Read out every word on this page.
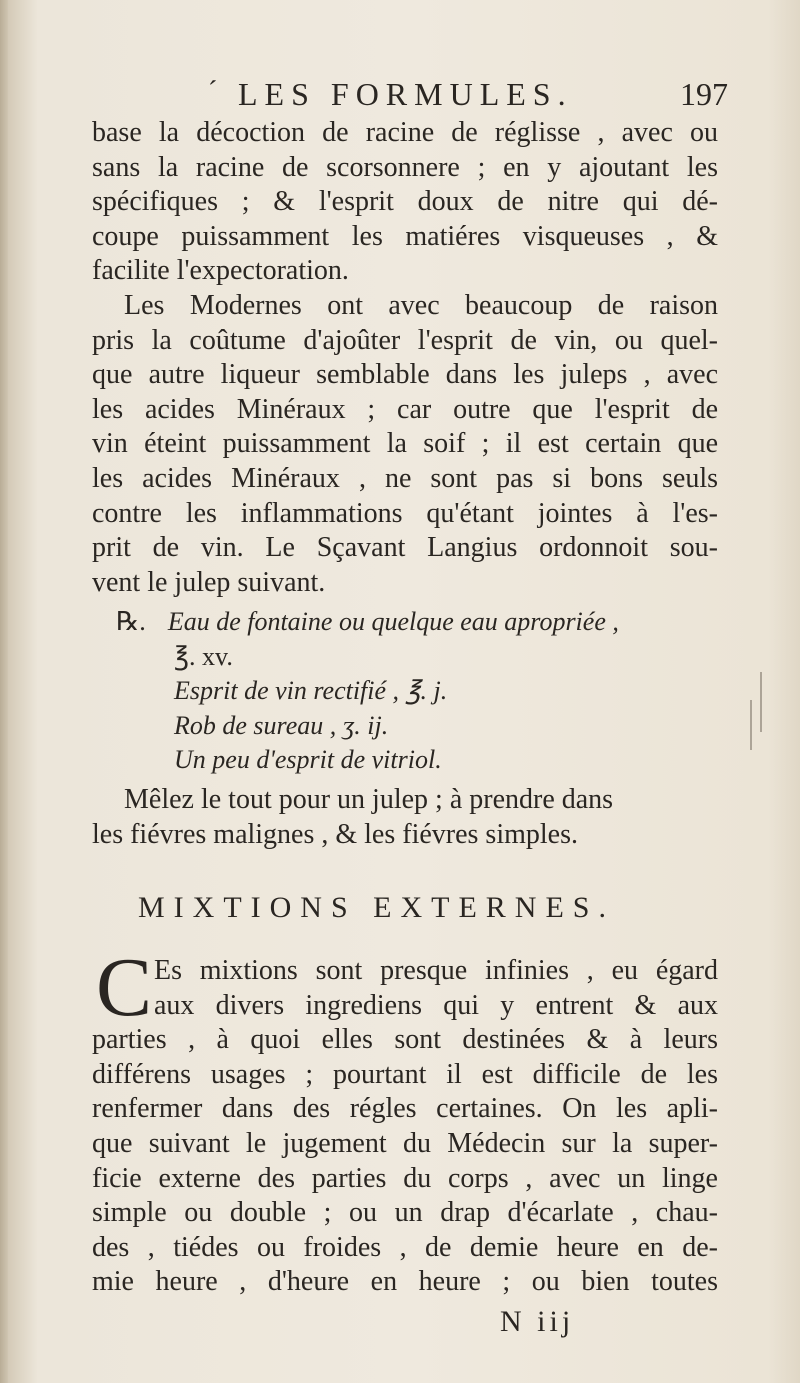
´ LES FORMULES.	197
base la décoction de racine de réglisse , avec ou
sans la racine de scorsonnere ; en y ajoutant les
spécifiques ; & l'esprit doux de nitre qui dé-
coupe puissamment les matiéres visqueuses , &
facilite l'expectoration.
Les Modernes ont avec beaucoup de raison
pris la coûtume d'ajoûter l'esprit de vin, ou quel-
que autre liqueur semblable dans les juleps , avec
les acides Minéraux ; car outre que l'esprit de
vin éteint puissamment la soif ; il est certain que
les acides Minéraux , ne sont pas si bons seuls
contre les inflammations qu'étant jointes à l'es-
prit de vin. Le Sçavant Langius ordonnoit sou-
vent le julep suivant.
℞. Eau de fontaine ou quelque eau apropriée ,
℥. xv.
Esprit de vin rectifié , ℥. j.
Rob de sureau , ʒ. ij.
Un peu d'esprit de vitriol.
Mêlez le tout pour un julep ; à prendre dans
les fiévres malignes , & les fiévres simples.
MIXTIONS EXTERNES.
C Es mixtions sont presque infinies , eu égard
aux divers ingrediens qui y entrent & aux
parties , à quoi elles sont destinées & à leurs
différens usages ; pourtant il est difficile de les
renfermer dans des régles certaines. On les apli-
que suivant le jugement du Médecin sur la super-
ficie externe des parties du corps , avec un linge
simple ou double ; ou un drap d'écarlate , chau-
des , tiédes ou froides , de demie heure en de-
mie heure , d'heure en heure ; ou bien toutes
N iij
